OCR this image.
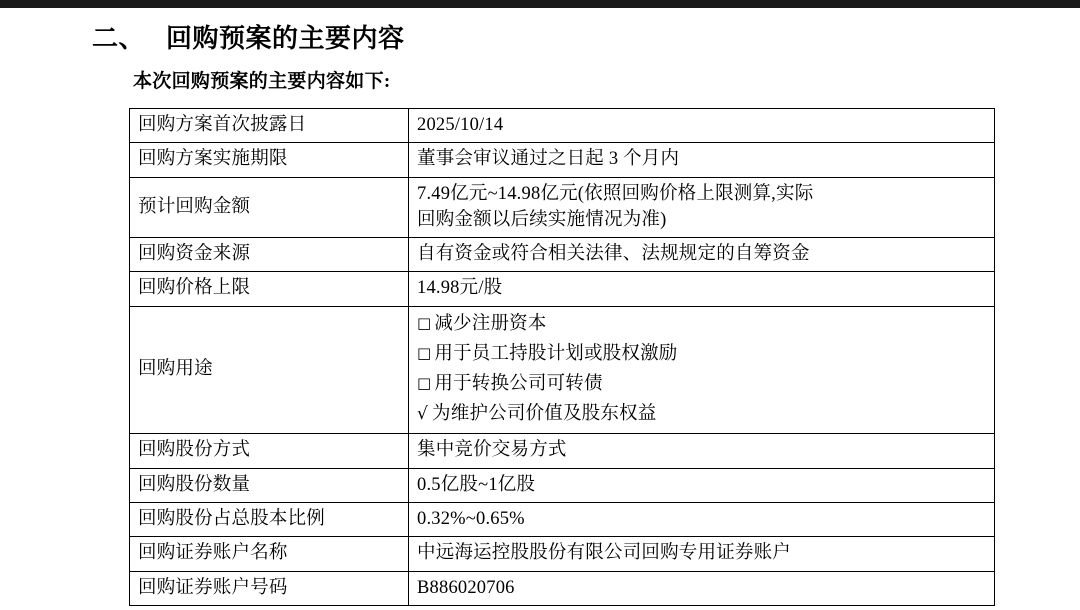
二、 回购预案的主要内容
本次回购预案的主要内容如下:
回购方案首次披露日	2025/10/14
回购方案实施期限	董事会审议通过之日起 3 个月内
预计回购金额	7.49亿元~14.98亿元(依照回购价格上限测算,实际
回购金额以后续实施情况为准)

回购资金来源	自有资金或符合相关法律、法规规定的自筹资金
回购价格上限	14.98元/股
回购用途	□ 减少注册资本
□ 用于员工持股计划或股权激励
□ 用于转换公司可转债
√ 为维护公司价值及股东权益

回购股份方式	集中竞价交易方式
回购股份数量	0.5亿股~1亿股
回购股份占总股本比例	0.32%~0.65%
回购证券账户名称	中远海运控股股份有限公司回购专用证券账户
回购证券账户号码	B886020706
